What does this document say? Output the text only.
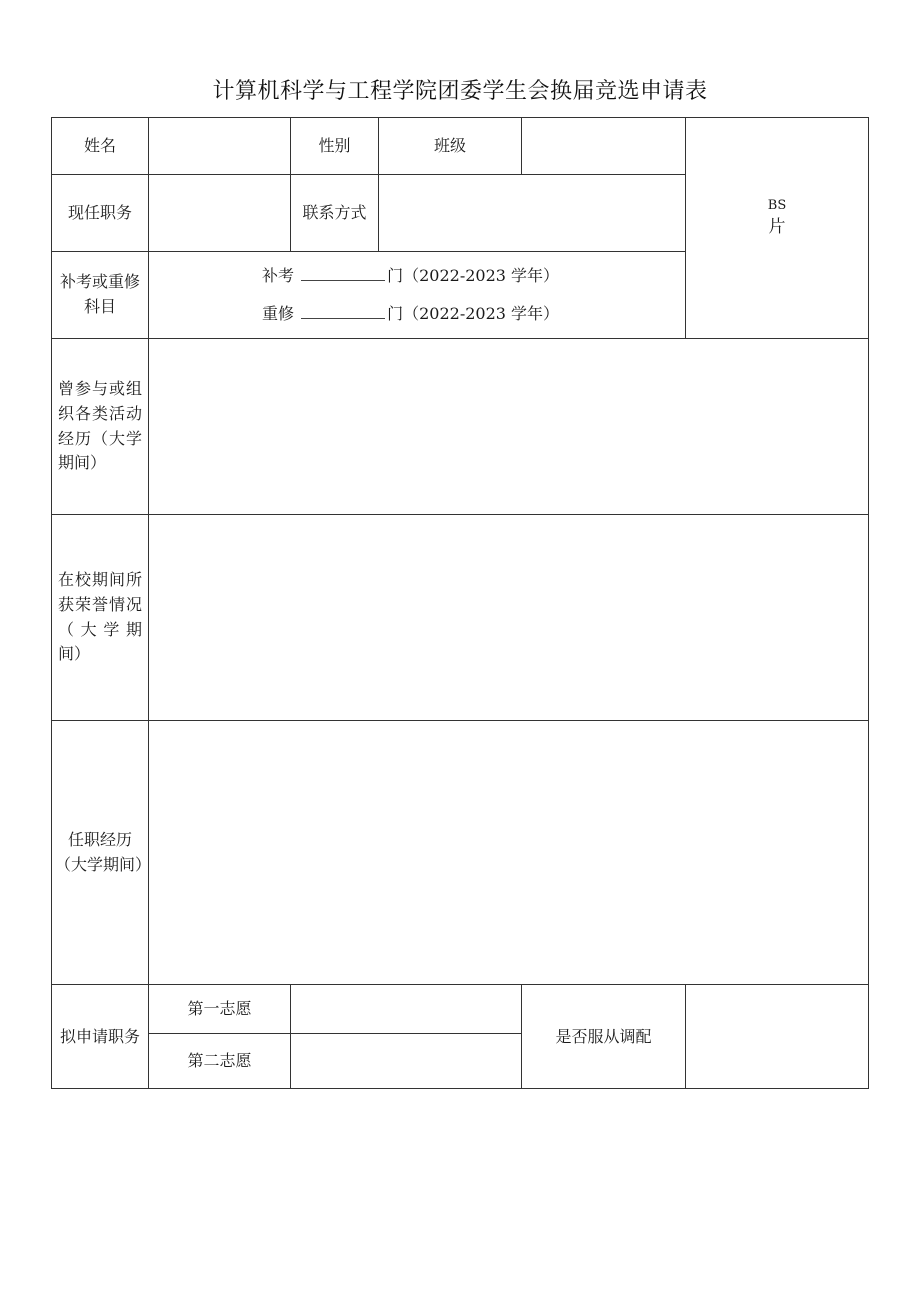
计算机科学与工程学院团委学生会换届竞选申请表
姓名		性别	班级		BS
片

现任职务		联系方式			
补考或重修科目	补考 门（2022-2023 学年）
重修 门（2022-2023 学年）				

曾参与或组织各类活动经历（大学期间）					
在校期间所获荣誉情况（大学期间）					
任职经历（大学期间）					
拟申请职务	第一志愿			是否服从调配	
	第二志愿				
